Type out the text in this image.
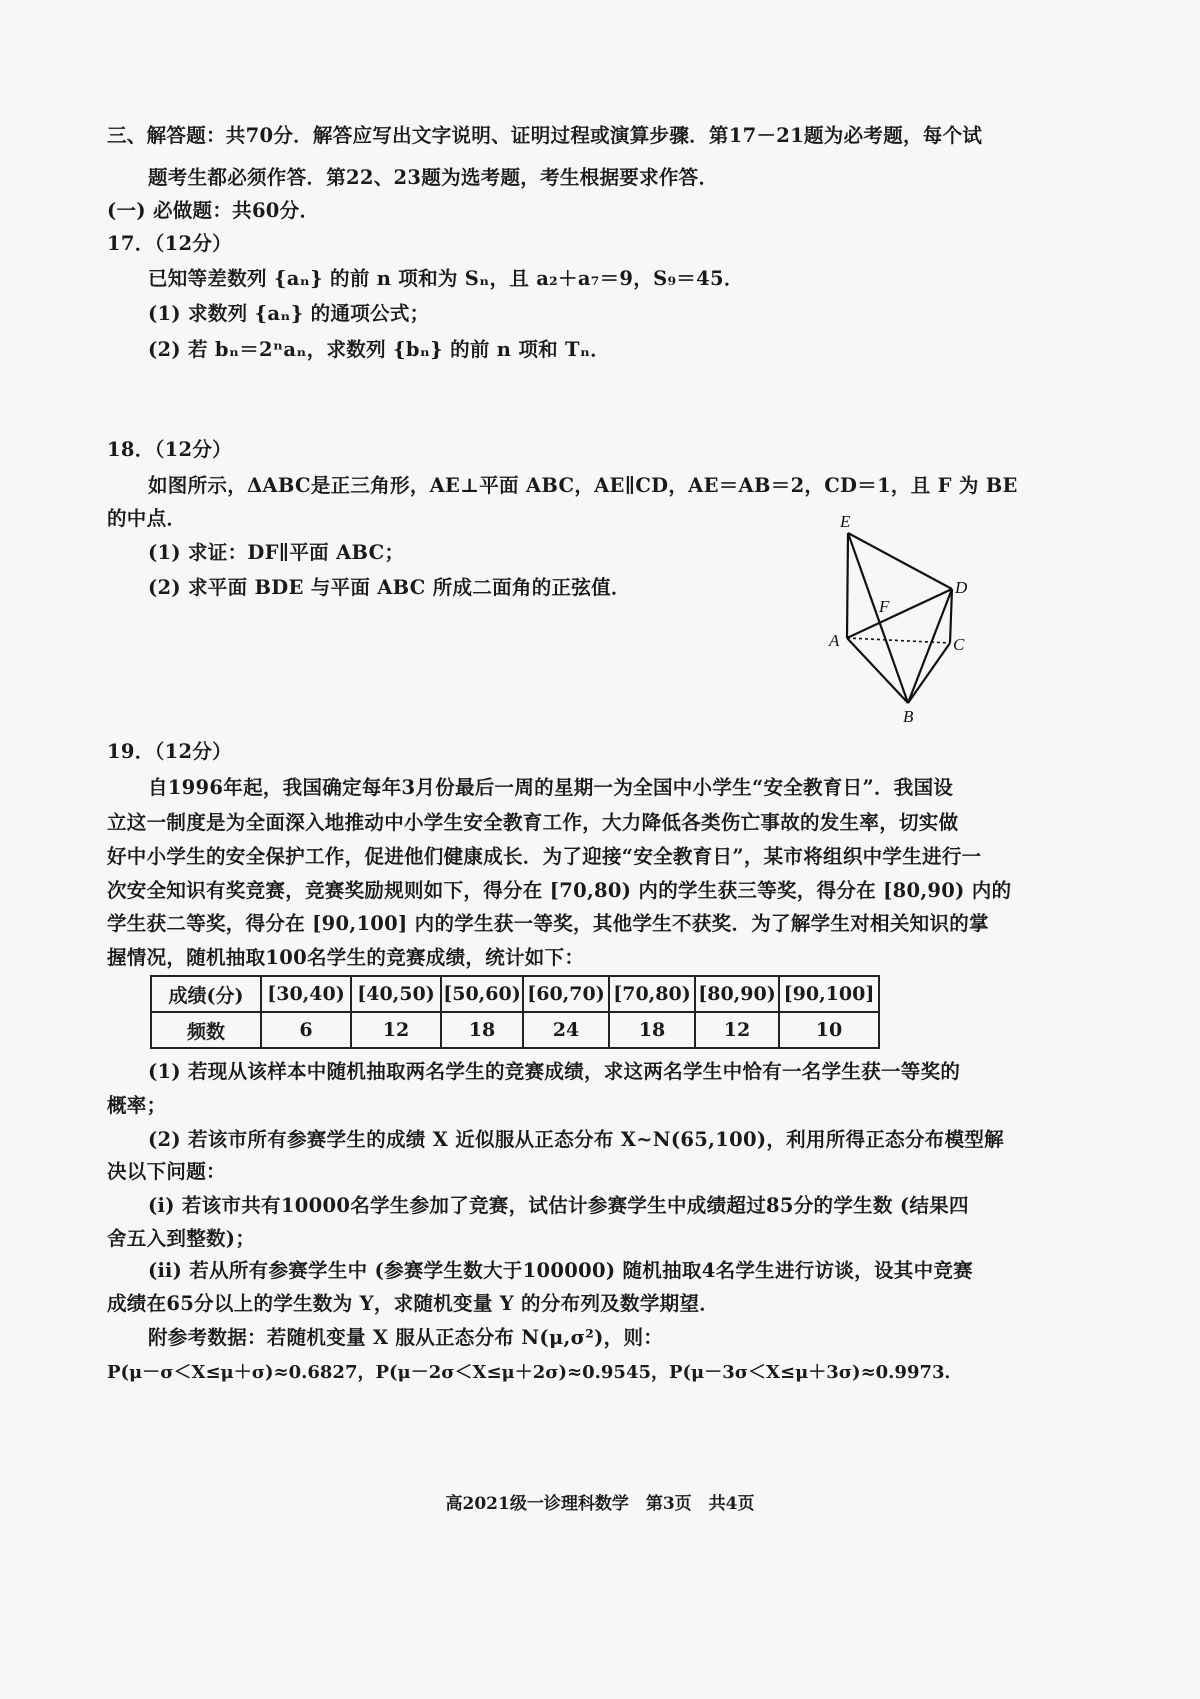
三、解答题：共70分．解答应写出文字说明、证明过程或演算步骤．第17－21题为必考题，每个试
题考生都必须作答．第22、23题为选考题，考生根据要求作答．
(一) 必做题：共60分．
17．（12分）
已知等差数列 {aₙ} 的前 n 项和为 Sₙ，且 a₂＋a₇＝9，S₉＝45．
(1) 求数列 {aₙ} 的通项公式；
(2) 若 bₙ＝2ⁿaₙ，求数列 {bₙ} 的前 n 项和 Tₙ．
18．（12分）
如图所示，ΔABC是正三角形，AE⊥平面 ABC，AE∥CD，AE＝AB＝2，CD＝1，且 F 为 BE
的中点．
(1) 求证：DF∥平面 ABC；
(2) 求平面 BDE 与平面 ABC 所成二面角的正弦值．
E
D
F
A	C
B
19．（12分）
自1996年起，我国确定每年3月份最后一周的星期一为全国中小学生“安全教育日”．我国设
立这一制度是为全面深入地推动中小学生安全教育工作，大力降低各类伤亡事故的发生率，切实做
好中小学生的安全保护工作，促进他们健康成长．为了迎接“安全教育日”，某市将组织中学生进行一
次安全知识有奖竞赛，竞赛奖励规则如下，得分在 [70,80) 内的学生获三等奖，得分在 [80,90) 内的
学生获二等奖，得分在 [90,100] 内的学生获一等奖，其他学生不获奖．为了解学生对相关知识的掌
握情况，随机抽取100名学生的竞赛成绩，统计如下：
成绩(分)	[30,40)	[40,50)	[50,60)	[60,70)	[70,80)	[80,90)	[90,100]
频数	6	12	18	24	18	12	10
(1) 若现从该样本中随机抽取两名学生的竞赛成绩，求这两名学生中恰有一名学生获一等奖的
概率；
(2) 若该市所有参赛学生的成绩 X 近似服从正态分布 X~N(65,100)，利用所得正态分布模型解
决以下问题：
(ⅰ) 若该市共有10000名学生参加了竞赛，试估计参赛学生中成绩超过85分的学生数 (结果四
舍五入到整数)；
(ⅱ) 若从所有参赛学生中 (参赛学生数大于100000) 随机抽取4名学生进行访谈，设其中竞赛
成绩在65分以上的学生数为 Y，求随机变量 Y 的分布列及数学期望．
附参考数据：若随机变量 X 服从正态分布 N(μ,σ²)，则：
P(μ－σ＜X≤μ＋σ)≈0.6827，P(μ－2σ＜X≤μ＋2σ)≈0.9545，P(μ－3σ＜X≤μ＋3σ)≈0.9973．
高2021级一诊理科数学　第3页　共4页
